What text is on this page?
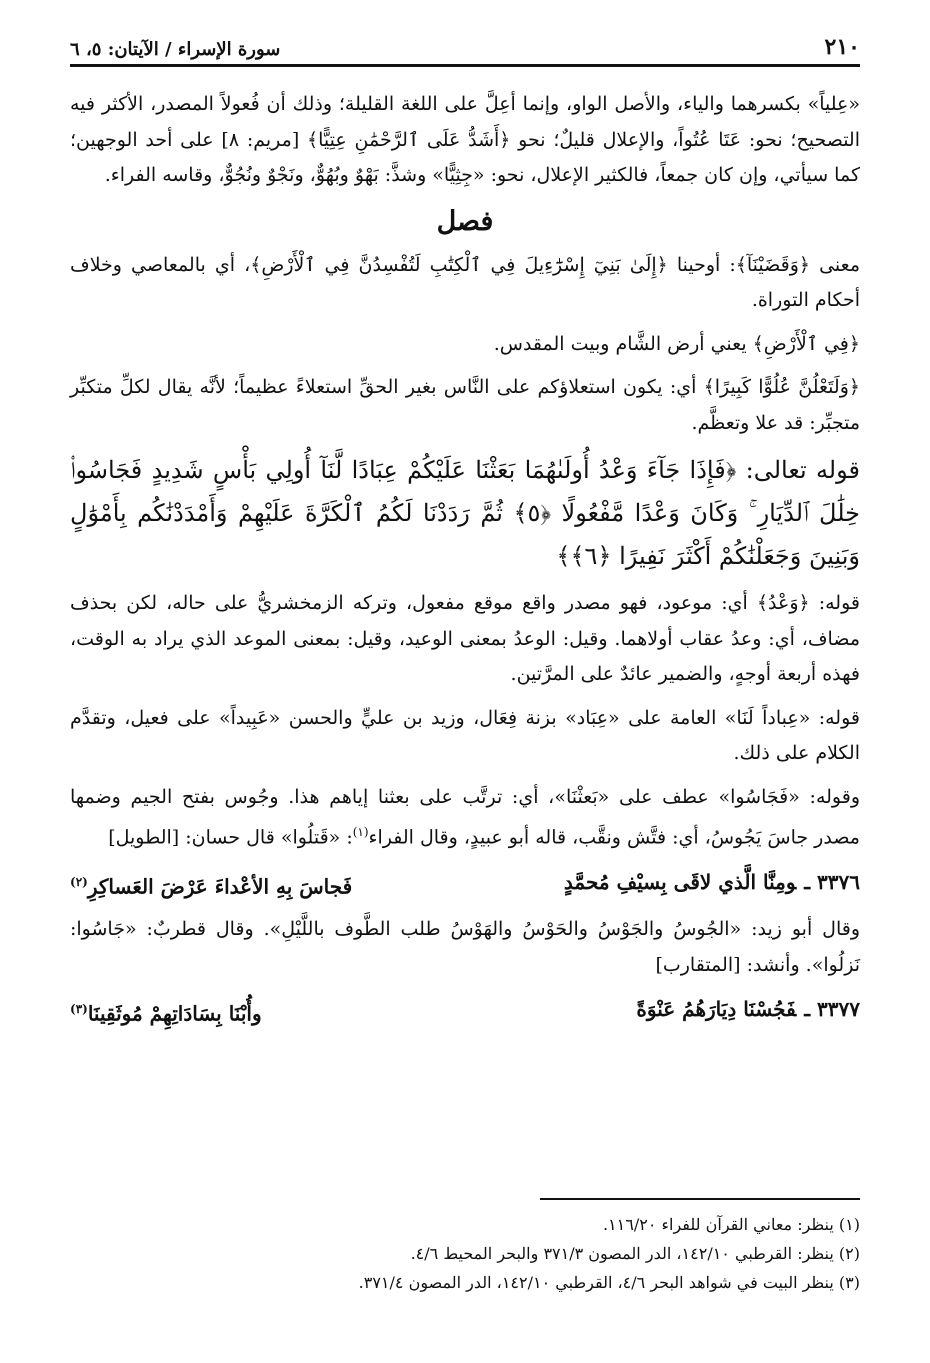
٢١٠
سورة الإسراء / الآيتان: ٥، ٦

«عِلياً» بكسرهما والياء، والأصل الواو، وإنما أعِلَّ على اللغة القليلة؛ وذلك أن فُعولاً المصدر، الأكثر فيه التصحيح؛ نحو: عَتَا عُتُواً، والإعلال قليلٌ؛ نحو ﴿أَشَدُّ عَلَى ٱلرَّحْمَٰنِ عِتِيًّا﴾ [مريم: ٨] على أحد الوجهين؛ كما سيأتي، وإن كان جمعاً، فالكثير الإعلال، نحو: «جِثِيًّا» وشذَّ: بَهْوٌ وبُهُوٌّ، ونَجْوٌ ونُجُوٌّ، وقاسه الفراء.

فصل

معنى ﴿وَقَضَيْنَآ﴾: أوحينا ﴿إِلَىٰ بَنِيٓ إِسْرَٰٓءِيلَ فِي ٱلْكِتَٰبِ لَتُفْسِدُنَّ فِي ٱلْأَرْضِ﴾، أي بالمعاصي وخلاف أحكام التوراة.

﴿فِي ٱلْأَرْضِ﴾ يعني أرض الشَّام وبيت المقدس.

﴿وَلَتَعْلُنَّ عُلُوًّا كَبِيرًا﴾ أي: يكون استعلاؤكم على النَّاس بغير الحقِّ استعلاءً عظيماً؛ لأنَّه يقال لكلِّ متكبِّر متجبِّر: قد علا وتعظَّم.

قوله تعالى: ﴿فَإِذَا جَآءَ وَعْدُ أُولَىٰهُمَا بَعَثْنَا عَلَيْكُمْ عِبَادًا لَّنَآ أُولِي بَأْسٍ شَدِيدٍ فَجَاسُوا۟ خِلَٰلَ ٱلدِّيَارِ ۚ وَكَانَ وَعْدًا مَّفْعُولًا ﴿٥﴾ ثُمَّ رَدَدْنَا لَكُمُ ٱلْكَرَّةَ عَلَيْهِمْ وَأَمْدَدْنَٰكُم بِأَمْوَٰلٍ وَبَنِينَ وَجَعَلْنَٰكُمْ أَكْثَرَ نَفِيرًا ﴿٦﴾﴾

قوله: ﴿وَعْدُ﴾ أي: موعود، فهو مصدر واقع موقع مفعول، وتركه الزمخشريُّ على حاله، لكن بحذف مضاف، أي: وعدُ عقاب أولاهما. وقيل: الوعدُ بمعنى الوعيد، وقيل: بمعنى الموعد الذي يراد به الوقت، فهذه أربعة أوجهٍ، والضمير عائدٌ على المرَّتين.

قوله: «عِباداً لَنَا» العامة على «عِبَاد» بزنة فِعَال، وزيد بن عليٍّ والحسن «عَبِيداً» على فعيل، وتقدَّم الكلام على ذلك.

وقوله: «فَجَاسُوا» عطف على «بَعثْنَا»، أي: ترتَّب على بعثنا إياهم هذا. وجُوس بفتح الجيم وضمها مصدر جاسَ يَجُوسُ، أي: فتَّش ونقَّب، قاله أبو عبيدٍ، وقال الفراء$^{(١)}$: «قَتلُوا» قال حسان: [الطويل]

٣٣٧٦ ـومِنَّا الَّذي لاقَى بِسيْفِ مُحمَّدٍ
فَجاسَ بِهِ الأعْداءَ عَرْضَ العَساكِرِ$^{(٢)}$

وقال أبو زيد: «الجُوسُ والجَوْسُ والحَوْسُ والهَوْسُ طلب الطَّوف باللَّيْلِ». وقال قطربٌ: «جَاسُوا: نَزلُوا». وأنشد: [المتقارب]

٣٣٧٧ ـفَجُسْنَا دِيَارَهُمُ عَنْوَةً
وأُبْنَا بِسَادَاتِهِمْ مُوثَقِينَا$^{(٣)}$
(١) ينظر: معاني القرآن للفراء ١١٦/٢٠.
(٢) ينظر: القرطبي ١٤٢/١٠، الدر المصون ٣٧١/٣ والبحر المحيط ٤/٦.
(٣) ينظر البيت في شواهد البحر ٤/٦، القرطبي ١٤٢/١٠، الدر المصون ٣٧١/٤.
